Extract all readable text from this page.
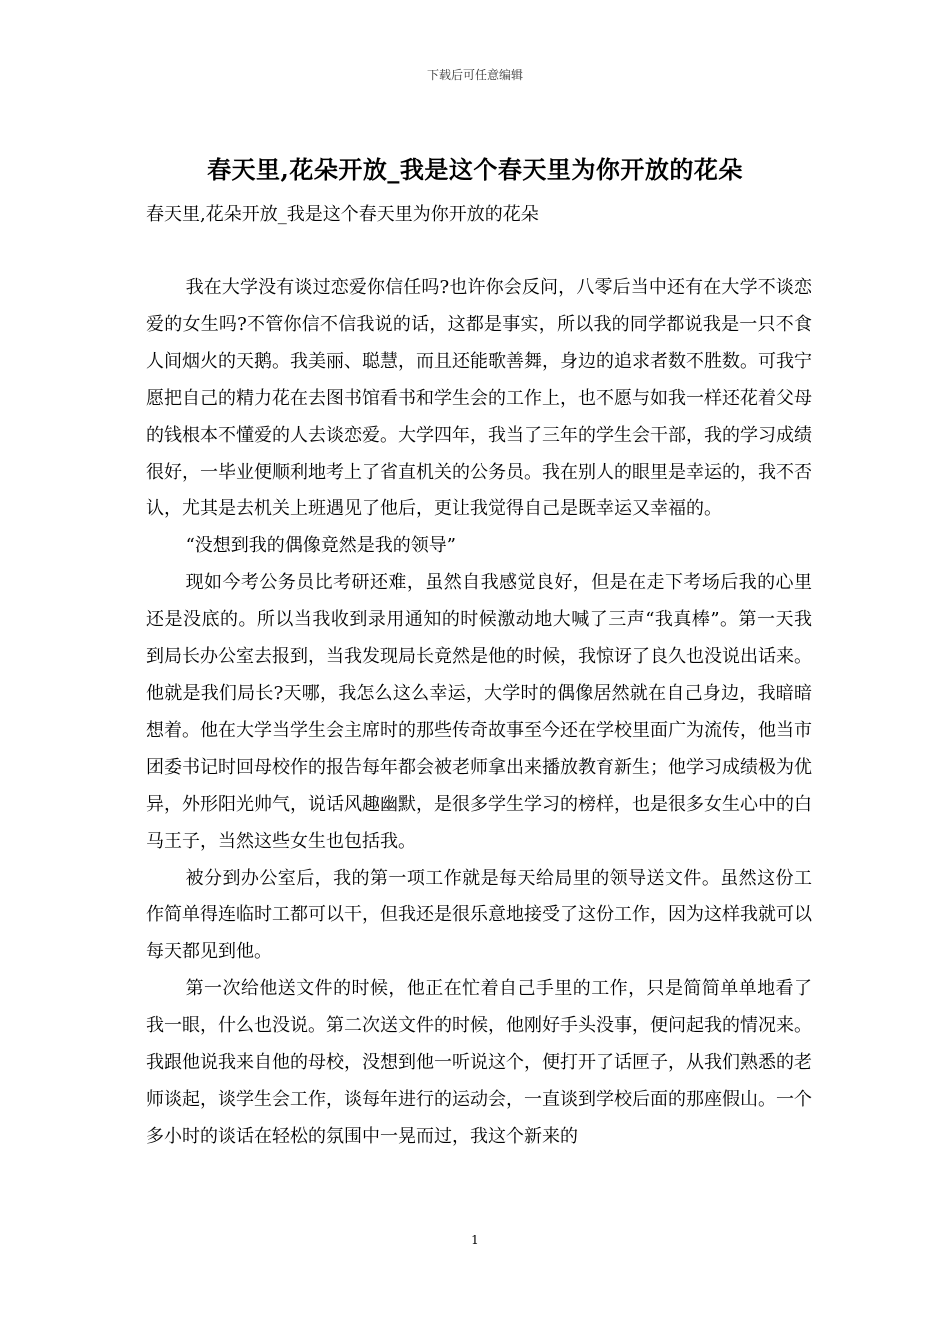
下载后可任意编辑
春天里,花朵开放_我是这个春天里为你开放的花朵
春天里,花朵开放_我是这个春天里为你开放的花朵

我在大学没有谈过恋爱你信任吗?也许你会反问，八零后当中还有在大学不谈恋爱的女生吗?不管你信不信我说的话，这都是事实，所以我的同学都说我是一只不食人间烟火的天鹅。我美丽、聪慧，而且还能歌善舞，身边的追求者数不胜数。可我宁愿把自己的精力花在去图书馆看书和学生会的工作上，也不愿与如我一样还花着父母的钱根本不懂爱的人去谈恋爱。大学四年，我当了三年的学生会干部，我的学习成绩很好，一毕业便顺利地考上了省直机关的公务员。我在别人的眼里是幸运的，我不否认，尤其是去机关上班遇见了他后，更让我觉得自己是既幸运又幸福的。

“没想到我的偶像竟然是我的领导”

现如今考公务员比考研还难，虽然自我感觉良好，但是在走下考场后我的心里还是没底的。所以当我收到录用通知的时候激动地大喊了三声“我真棒”。第一天我到局长办公室去报到，当我发现局长竟然是他的时候，我惊讶了良久也没说出话来。他就是我们局长?天哪，我怎么这么幸运，大学时的偶像居然就在自己身边，我暗暗想着。他在大学当学生会主席时的那些传奇故事至今还在学校里面广为流传，他当市团委书记时回母校作的报告每年都会被老师拿出来播放教育新生；他学习成绩极为优异，外形阳光帅气，说话风趣幽默，是很多学生学习的榜样，也是很多女生心中的白马王子，当然这些女生也包括我。

被分到办公室后，我的第一项工作就是每天给局里的领导送文件。虽然这份工作简单得连临时工都可以干，但我还是很乐意地接受了这份工作，因为这样我就可以每天都见到他。

第一次给他送文件的时候，他正在忙着自己手里的工作，只是简简单单地看了我一眼，什么也没说。第二次送文件的时候，他刚好手头没事，便问起我的情况来。我跟他说我来自他的母校，没想到他一听说这个，便打开了话匣子，从我们熟悉的老师谈起，谈学生会工作，谈每年进行的运动会，一直谈到学校后面的那座假山。一个多小时的谈话在轻松的氛围中一晃而过，我这个新来的

1
